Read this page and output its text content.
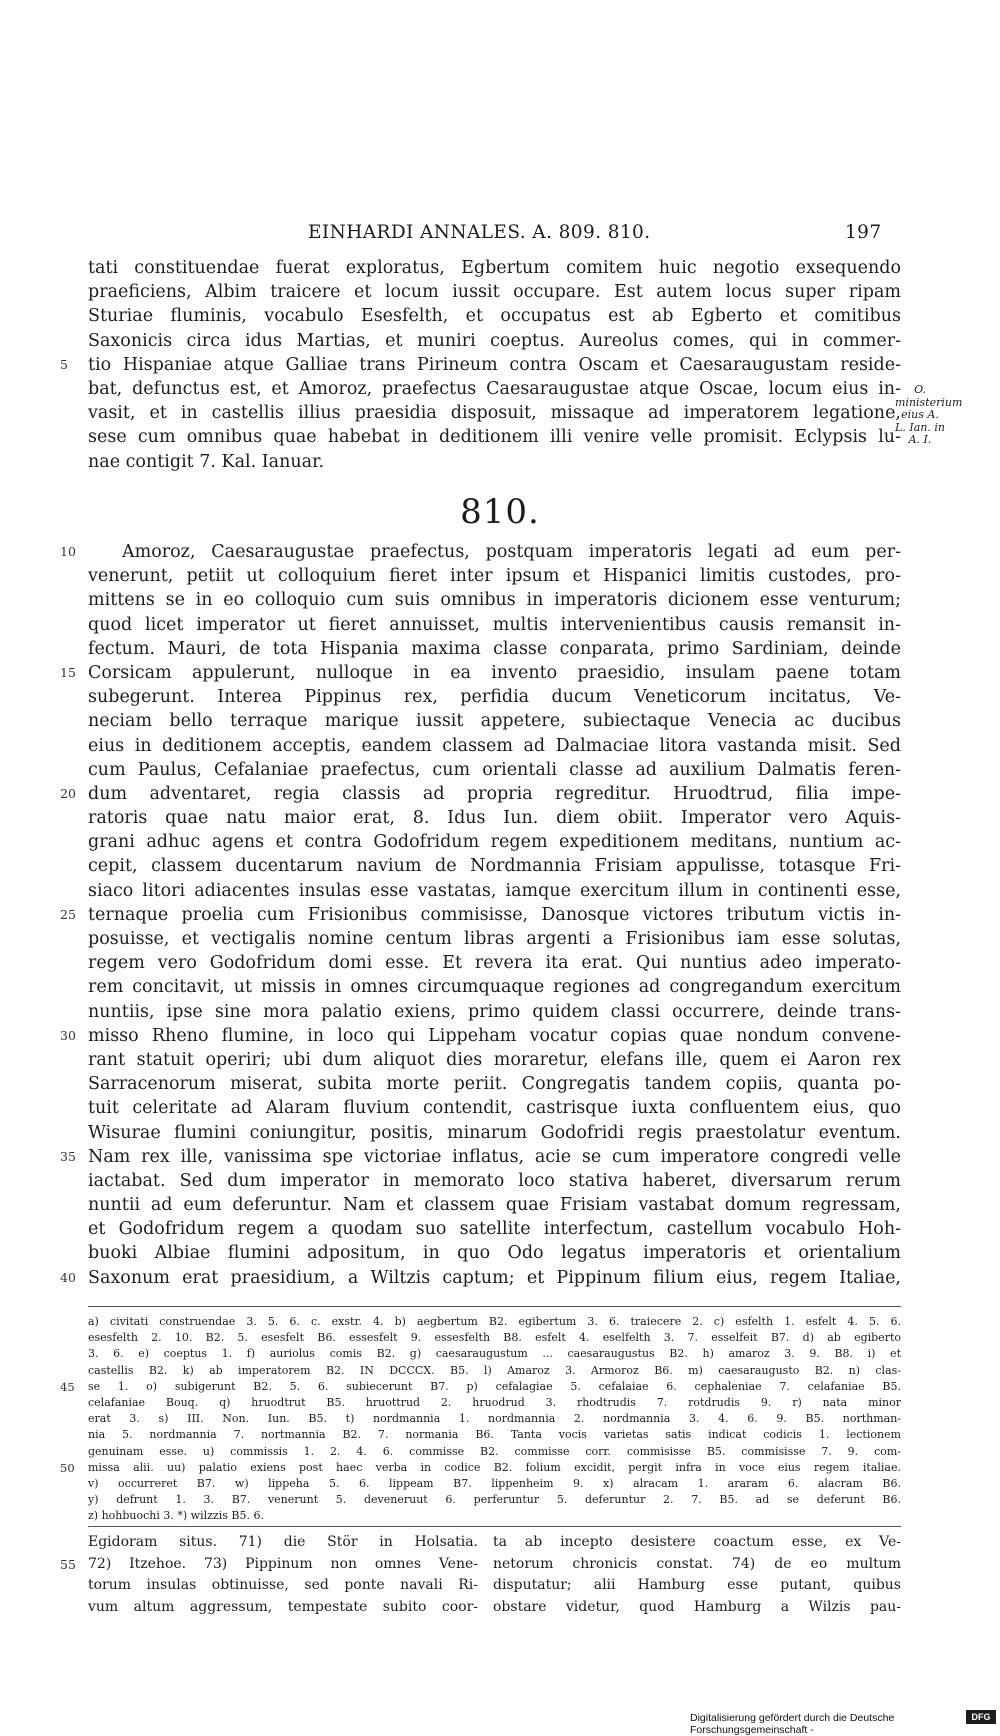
EINHARDI ANNALES. A. 809. 810.	197
5
tati constituendae fuerat exploratus, Egbertum comitem huic negotio exsequendo
praeficiens, Albim traicere et locum iussit occupare. Est autem locus super ripam
Sturiae fluminis, vocabulo Esesfelth, et occupatus est ab Egberto et comitibus
Saxonicis circa idus Martias, et muniri coeptus. Aureolus comes, qui in commer-
tio Hispaniae atque Galliae trans Pirineum contra Oscam et Caesaraugustam reside-
bat, defunctus est, et Amoroz, praefectus Caesaraugustae atque Oscae, locum eius in-
vasit, et in castellis illius praesidia disposuit, missaque ad imperatorem legatione,
sese cum omnibus quae habebat in deditionem illi venire velle promisit. Eclypsis lu-
nae contigit 7. Kal. Ianuar.
O. ministerium eius A. L. Ian. in A. I.
810.
10
15
20
25
30
35
40
Amoroz, Caesaraugustae praefectus, postquam imperatoris legati ad eum per-
venerunt, petiit ut colloquium fieret inter ipsum et Hispanici limitis custodes, pro-
mittens se in eo colloquio cum suis omnibus in imperatoris dicionem esse venturum;
quod licet imperator ut fieret annuisset, multis intervenientibus causis remansit in-
fectum. Mauri, de tota Hispania maxima classe conparata, primo Sardiniam, deinde
Corsicam appulerunt, nulloque in ea invento praesidio, insulam paene totam
subegerunt. Interea Pippinus rex, perfidia ducum Veneticorum incitatus, Ve-
neciam bello terraque marique iussit appetere, subiectaque Venecia ac ducibus
eius in deditionem acceptis, eandem classem ad Dalmaciae litora vastanda misit. Sed
cum Paulus, Cefalaniae praefectus, cum orientali classe ad auxilium Dalmatis feren-
dum adventaret, regia classis ad propria regreditur. Hruodtrud, filia impe-
ratoris quae natu maior erat, 8. Idus Iun. diem obiit. Imperator vero Aquis-
grani adhuc agens et contra Godofridum regem expeditionem meditans, nuntium ac-
cepit, classem ducentarum navium de Nordmannia Frisiam appulisse, totasque Fri-
siaco litori adiacentes insulas esse vastatas, iamque exercitum illum in continenti esse,
ternaque proelia cum Frisionibus commisisse, Danosque victores tributum victis in-
posuisse, et vectigalis nomine centum libras argenti a Frisionibus iam esse solutas,
regem vero Godofridum domi esse. Et revera ita erat. Qui nuntius adeo imperato-
rem concitavit, ut missis in omnes circumquaque regiones ad congregandum exercitum
nuntiis, ipse sine mora palatio exiens, primo quidem classi occurrere, deinde trans-
misso Rheno flumine, in loco qui Lippeham vocatur copias quae nondum convene-
rant statuit operiri; ubi dum aliquot dies moraretur, elefans ille, quem ei Aaron rex
Sarracenorum miserat, subita morte periit. Congregatis tandem copiis, quanta po-
tuit celeritate ad Alaram fluvium contendit, castrisque iuxta confluentem eius, quo
Wisurae flumini coniungitur, positis, minarum Godofridi regis praestolatur eventum.
Nam rex ille, vanissima spe victoriae inflatus, acie se cum imperatore congredi velle
iactabat. Sed dum imperator in memorato loco stativa haberet, diversarum rerum
nuntii ad eum deferuntur. Nam et classem quae Frisiam vastabat domum regressam,
et Godofridum regem a quodam suo satellite interfectum, castellum vocabulo Hoh-
buoki Albiae flumini adpositum, in quo Odo legatus imperatoris et orientalium
Saxonum erat praesidium, a Wiltzis captum; et Pippinum filium eius, regem Italiae,
45
50
a) civitati construendae 3. 5. 6. c. exstr. 4. b) aegbertum B2. egibertum 3. 6. traiecere 2. c) esfelth 1. esfelt 4. 5. 6.
esesfelth 2. 10. B2. 5. esesfelt B6. essesfelt 9. essesfelth B8. esfelt 4. eselfelth 3. 7. esselfeit B7. d) ab egiberto
3. 6. e) coeptus 1. f) auriolus comis B2. g) caesaraugustum ... caesaraugustus B2. h) amaroz 3. 9. B8. i) et
castellis B2. k) ab imperatorem B2. IN DCCCX. B5. l) Amaroz 3. Armoroz B6. m) caesaraugusto B2. n) clas-
se 1. o) subigerunt B2. 5. 6. subiecerunt B7. p) cefalagiae 5. cefalaiae 6. cephaleniae 7. celafaniae B5.
celafaniae Bouq. q) hruodtrut B5. hruottrud 2. hruodrud 3. rhodtrudis 7. rotdrudis 9. r) nata minor
erat 3. s) III. Non. Iun. B5. t) nordmannia 1. nordmannia 2. nordmannia 3. 4. 6. 9. B5. northman-
nia 5. nordmannia 7. nortmannia B2. 7. normania B6. Tanta vocis varietas satis indicat codicis 1. lectionem
genuinam esse. u) commissis 1. 2. 4. 6. commisse B2. commisse corr. commisisse B5. commisisse 7. 9. com-
missa alii. uu) palatio exiens post haec verba in codice B2. folium excidit, pergit infra in voce eius regem italiae.
v) occurreret B7. w) lippeha 5. 6. lippeam B7. lippenheim 9. x) alracam 1. araram 6. alacram B6.
y) defrunt 1. 3. B7. venerunt 5. deveneruut 6. perferuntur 5. deferuntur 2. 7. B5. ad se deferunt B6.
z) hohbuochi 3. *) wilzzis B5. 6.
55
Egidoram situs. 71) die Stör in Holsatia.
72) Itzehoe. 73) Pippinum non omnes Vene-
torum insulas obtinuisse, sed ponte navali Ri-
vum altum aggressum, tempestate subito coor-
ta ab incepto desistere coactum esse, ex Ve-
netorum chronicis constat. 74) de eo multum
disputatur; alii Hamburg esse putant, quibus
obstare videtur, quod Hamburg a Wilzis pau-
Digitalisierung gefördert durch die Deutsche Forschungsgemeinschaft -
DFG
